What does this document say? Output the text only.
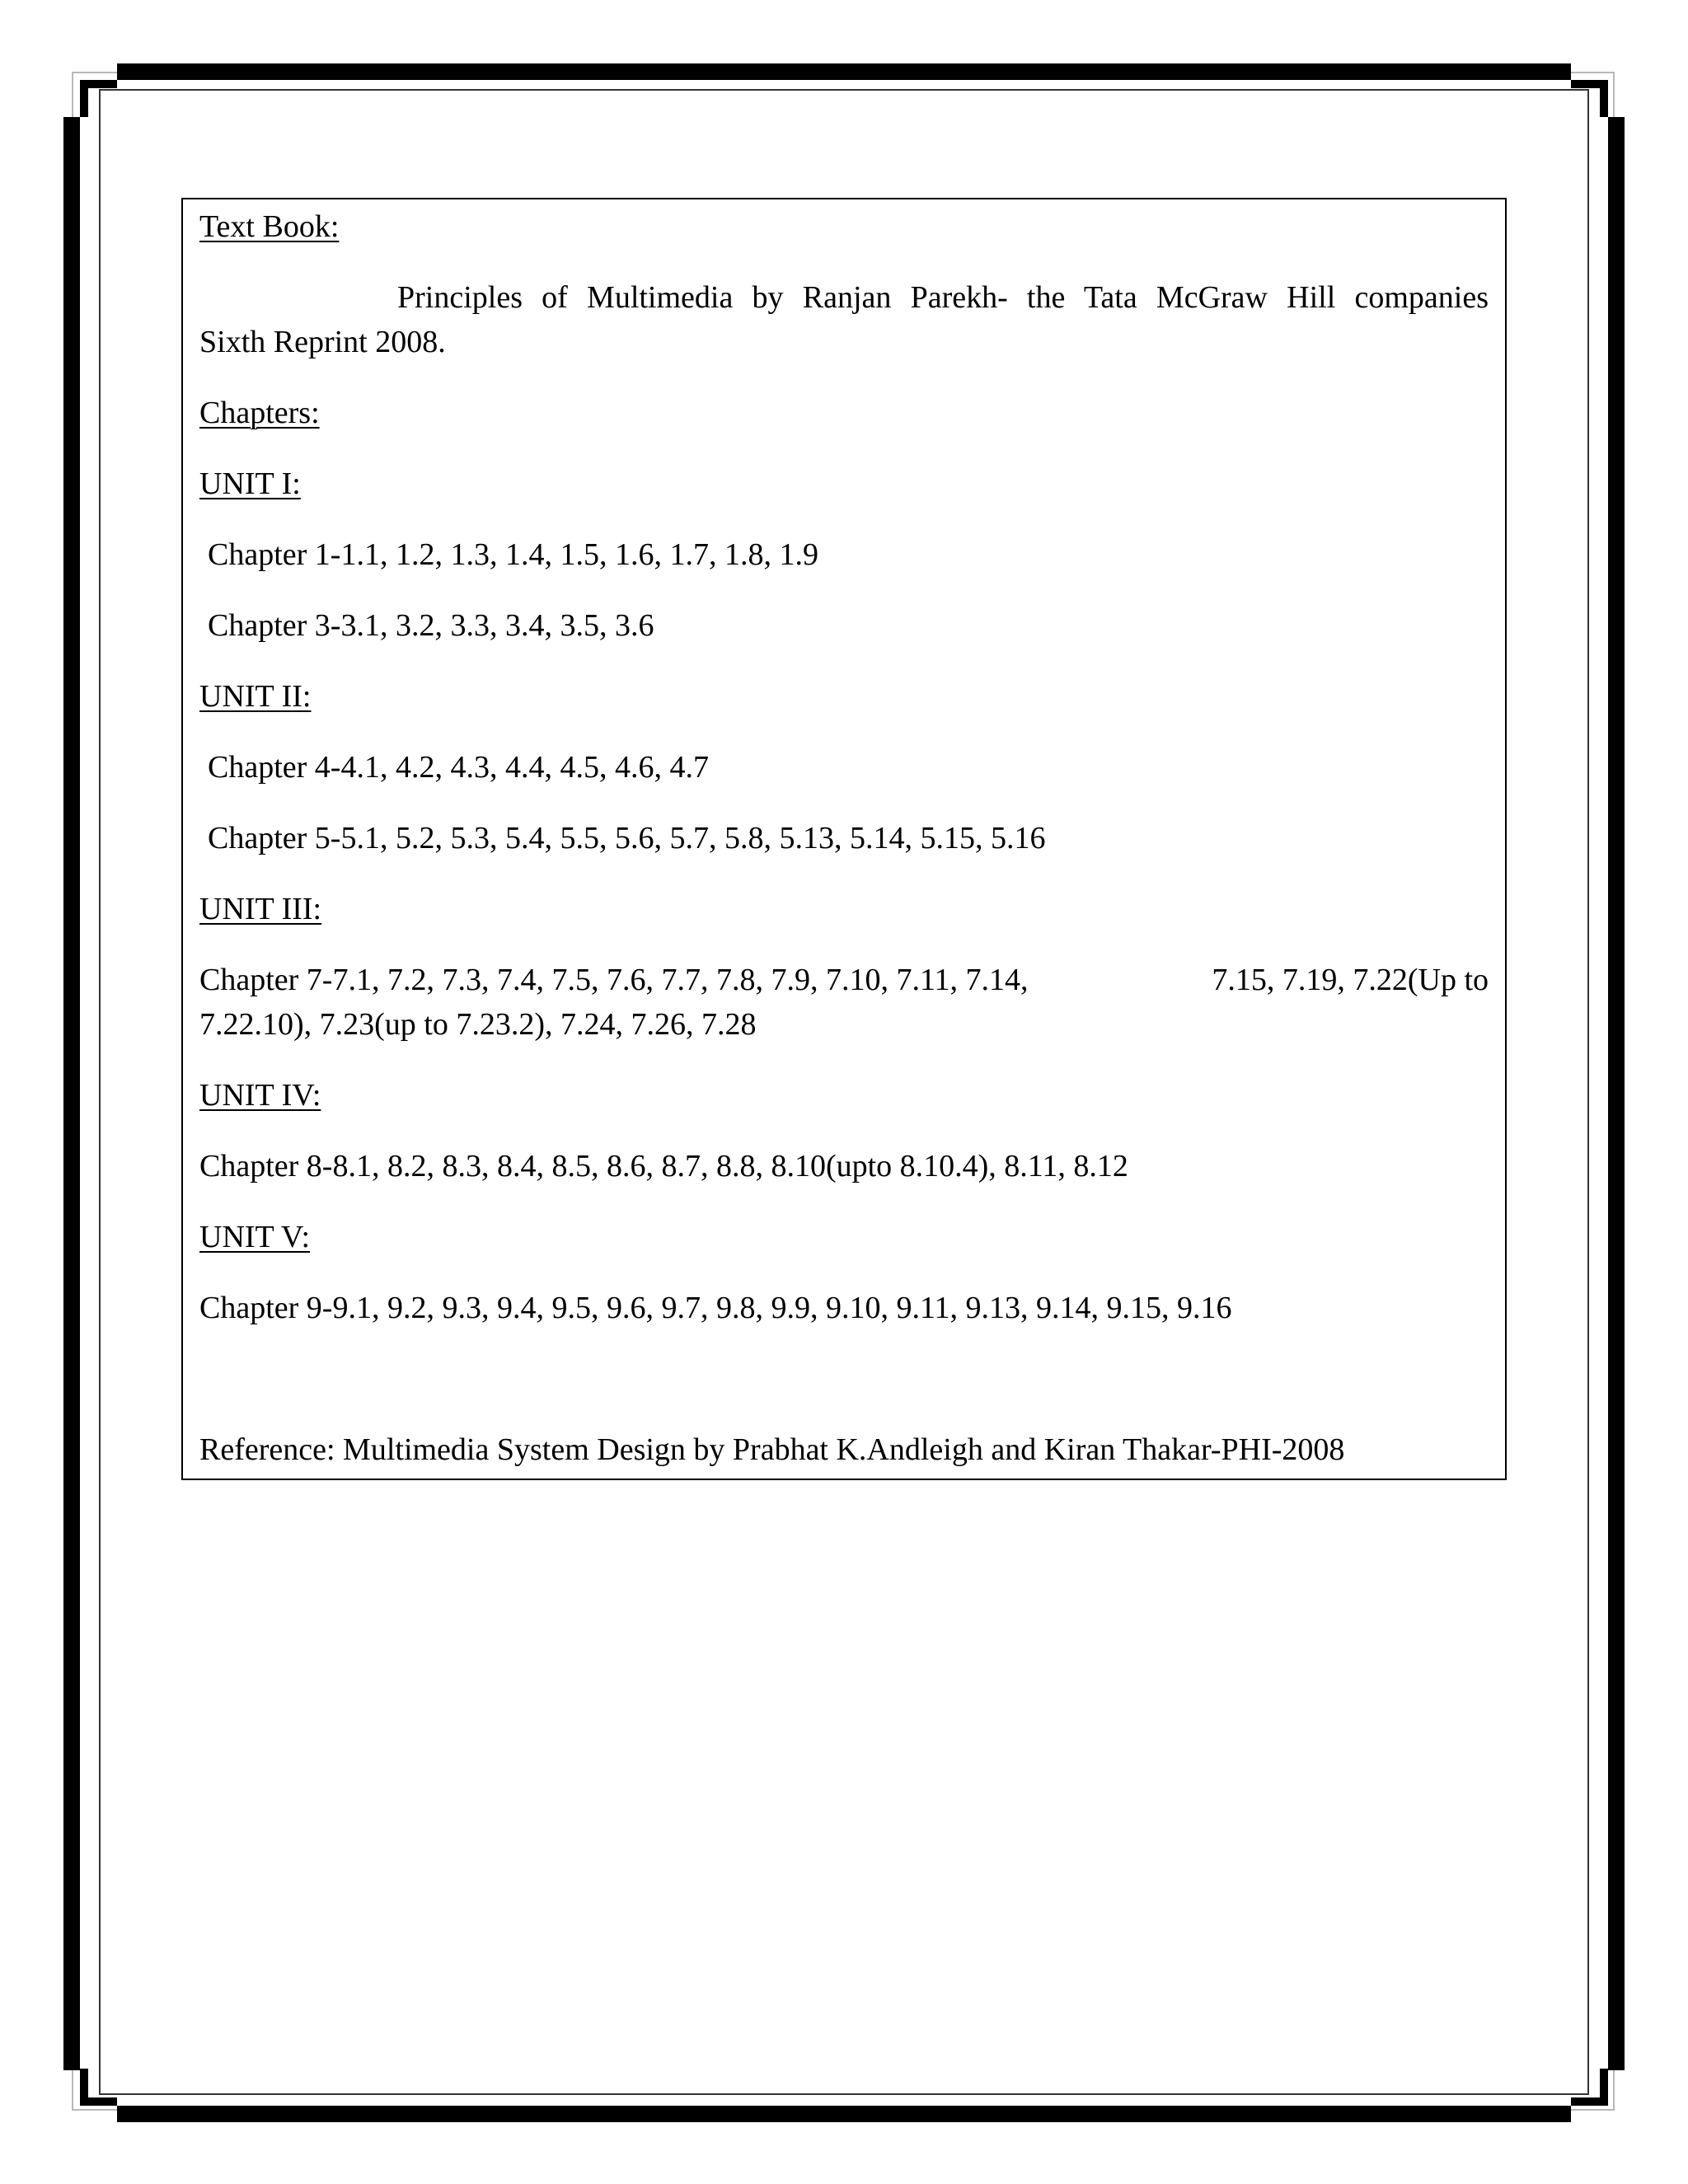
Text Book:
Principles of Multimedia by Ranjan Parekh- the Tata McGraw Hill companies
Sixth Reprint 2008.
Chapters:
UNIT I:
Chapter 1-1.1, 1.2, 1.3, 1.4, 1.5, 1.6, 1.7, 1.8, 1.9
Chapter 3-3.1, 3.2, 3.3, 3.4, 3.5, 3.6
UNIT II:
Chapter 4-4.1, 4.2, 4.3, 4.4, 4.5, 4.6, 4.7
Chapter 5-5.1, 5.2, 5.3, 5.4, 5.5, 5.6, 5.7, 5.8, 5.13, 5.14, 5.15, 5.16
UNIT III:
Chapter 7-7.1, 7.2, 7.3, 7.4, 7.5, 7.6, 7.7, 7.8, 7.9, 7.10, 7.11, 7.14,	7.15, 7.19, 7.22(Up to
7.22.10), 7.23(up to 7.23.2), 7.24, 7.26, 7.28
UNIT IV:
Chapter 8-8.1, 8.2, 8.3, 8.4, 8.5, 8.6, 8.7, 8.8, 8.10(upto 8.10.4), 8.11, 8.12
UNIT V:
Chapter 9-9.1, 9.2, 9.3, 9.4, 9.5, 9.6, 9.7, 9.8, 9.9, 9.10, 9.11, 9.13, 9.14, 9.15, 9.16
Reference: Multimedia System Design by Prabhat K.Andleigh and Kiran Thakar-PHI-2008
